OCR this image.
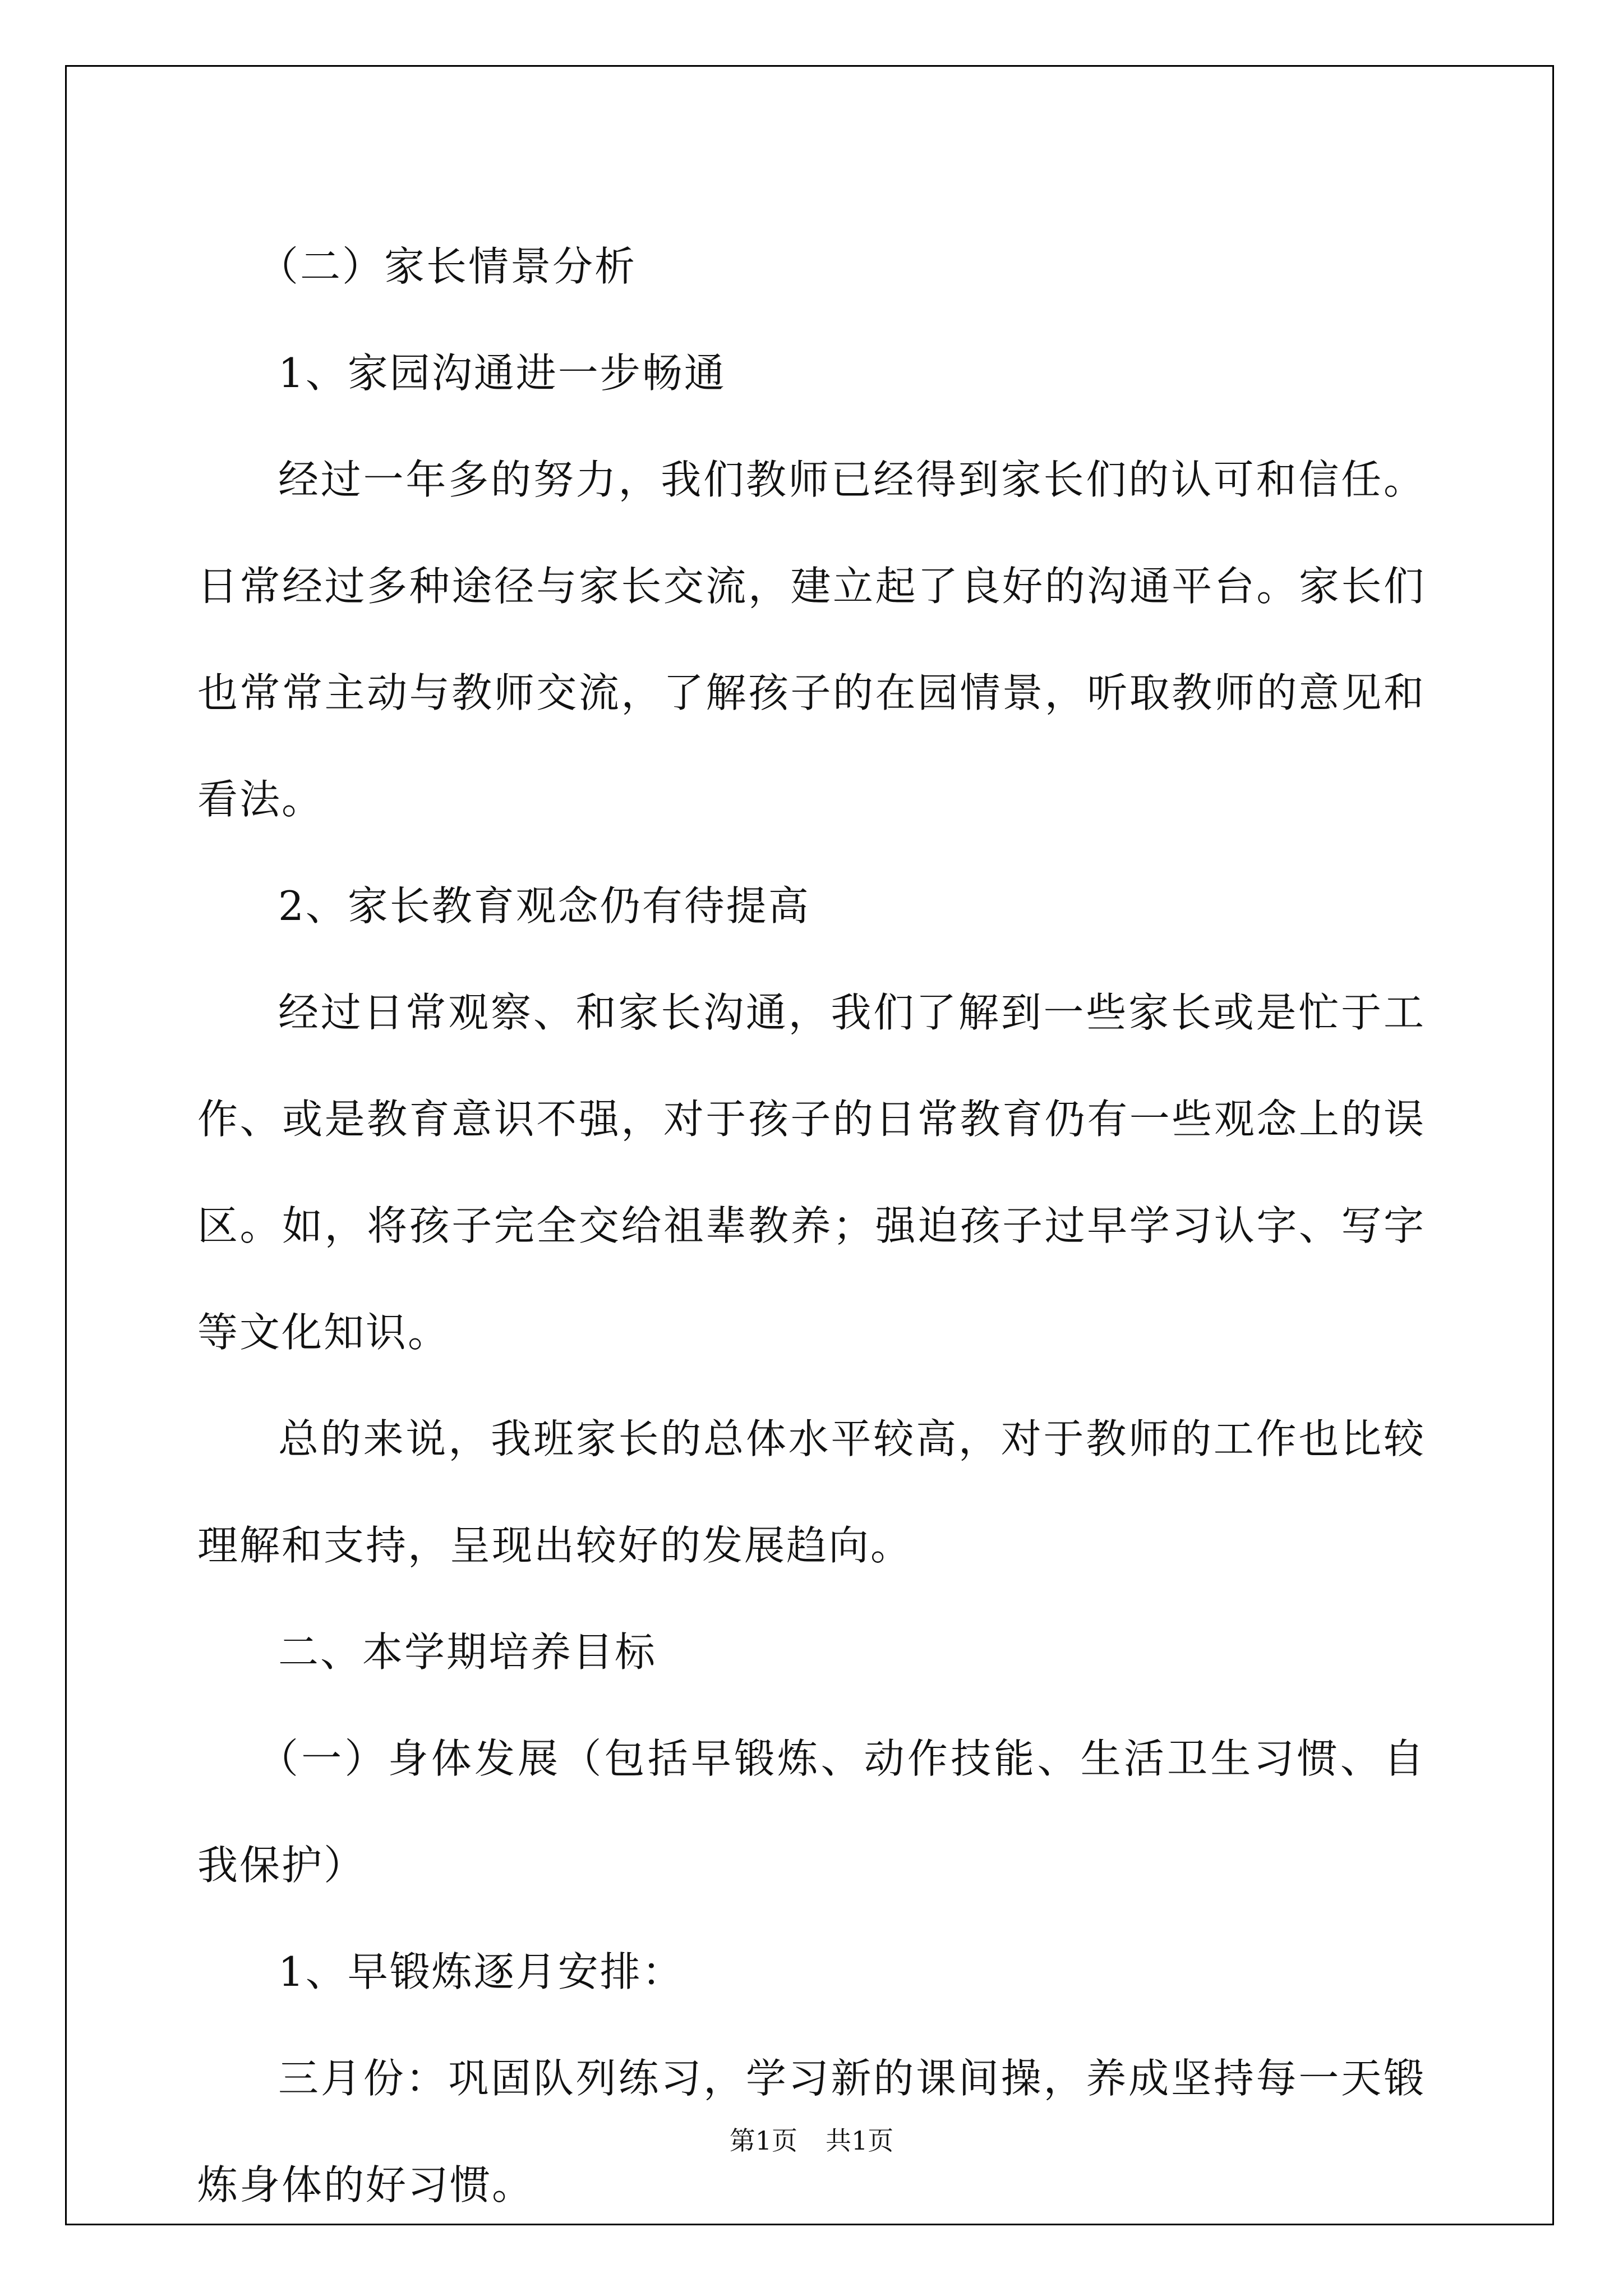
（二）家长情景分析

1、家园沟通进一步畅通

经过一年多的努力，我们教师已经得到家长们的认可和信任。日常经过多种途径与家长交流，建立起了良好的沟通平台。家长们也常常主动与教师交流，了解孩子的在园情景，听取教师的意见和看法。

2、家长教育观念仍有待提高

经过日常观察、和家长沟通，我们了解到一些家长或是忙于工作、或是教育意识不强，对于孩子的日常教育仍有一些观念上的误区。如，将孩子完全交给祖辈教养；强迫孩子过早学习认字、写字等文化知识。

总的来说，我班家长的总体水平较高，对于教师的工作也比较理解和支持，呈现出较好的发展趋向。

二、本学期培养目标

（一）身体发展（包括早锻炼、动作技能、生活卫生习惯、自我保护）

1、早锻炼逐月安排：

三月份：巩固队列练习，学习新的课间操，养成坚持每一天锻炼身体的好习惯。

第1页 共1页
